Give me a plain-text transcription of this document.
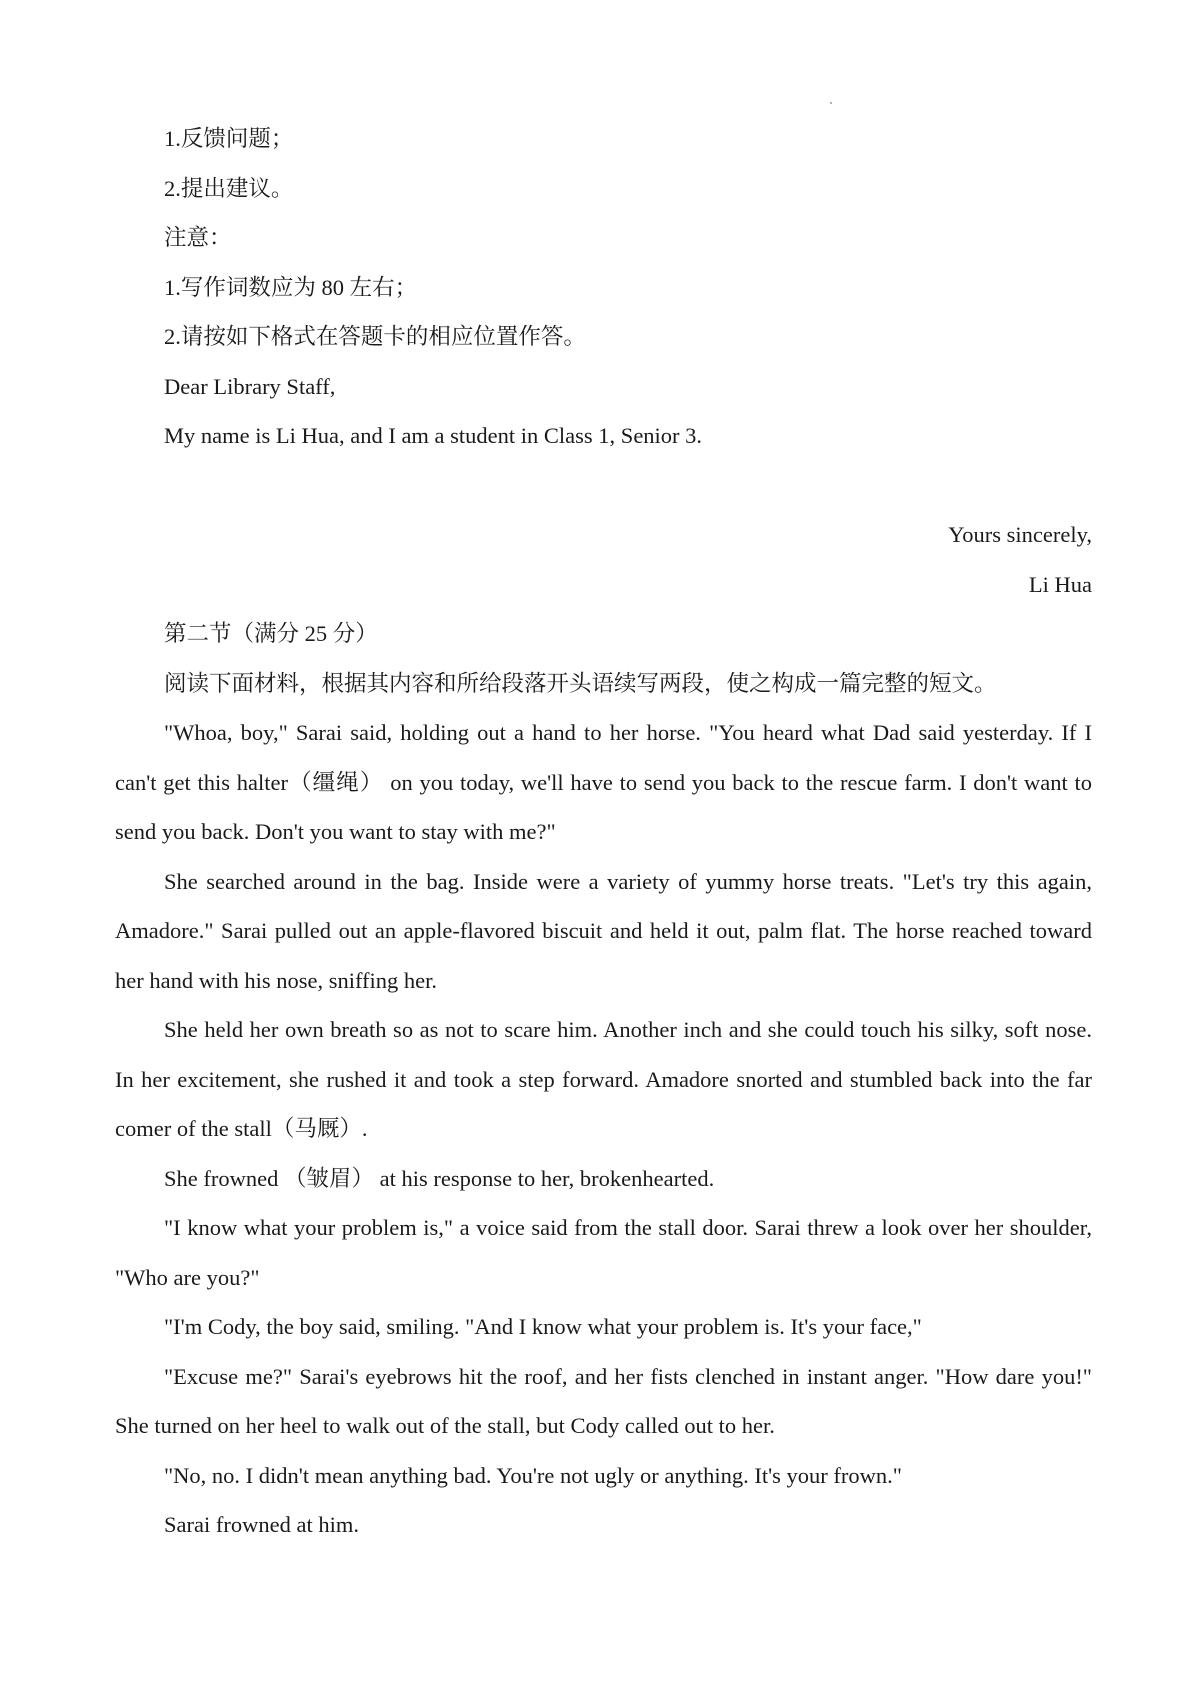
1.反馈问题；
2.提出建议。
注意：
1.写作词数应为 80 左右；
2.请按如下格式在答题卡的相应位置作答。
Dear Library Staff,
My name is Li Hua, and I am a student in Class 1, Senior 3.
Yours sincerely,
Li Hua
第二节（满分 25 分）
阅读下面材料，根据其内容和所给段落开头语续写两段，使之构成一篇完整的短文。

"Whoa, boy," Sarai said, holding out a hand to her horse. "You heard what Dad said yesterday. If I can't get this halter（缰绳） on you today, we'll have to send you back to the rescue farm. I don't want to send you back. Don't you want to stay with me?"

She searched around in the bag. Inside were a variety of yummy horse treats. "Let's try this again, Amadore." Sarai pulled out an apple-flavored biscuit and held it out, palm flat. The horse reached toward her hand with his nose, sniffing her.

She held her own breath so as not to scare him. Another inch and she could touch his silky, soft nose. In her excitement, she rushed it and took a step forward. Amadore snorted and stumbled back into the far comer of the stall（马厩）.

She frowned （皱眉） at his response to her, brokenhearted.

"I know what your problem is," a voice said from the stall door. Sarai threw a look over her shoulder, "Who are you?"

"I'm Cody, the boy said, smiling. "And I know what your problem is. It's your face,"

"Excuse me?" Sarai's eyebrows hit the roof, and her fists clenched in instant anger. "How dare you!" She turned on her heel to walk out of the stall, but Cody called out to her.

"No, no. I didn't mean anything bad. You're not ugly or anything. It's your frown."

Sarai frowned at him.
